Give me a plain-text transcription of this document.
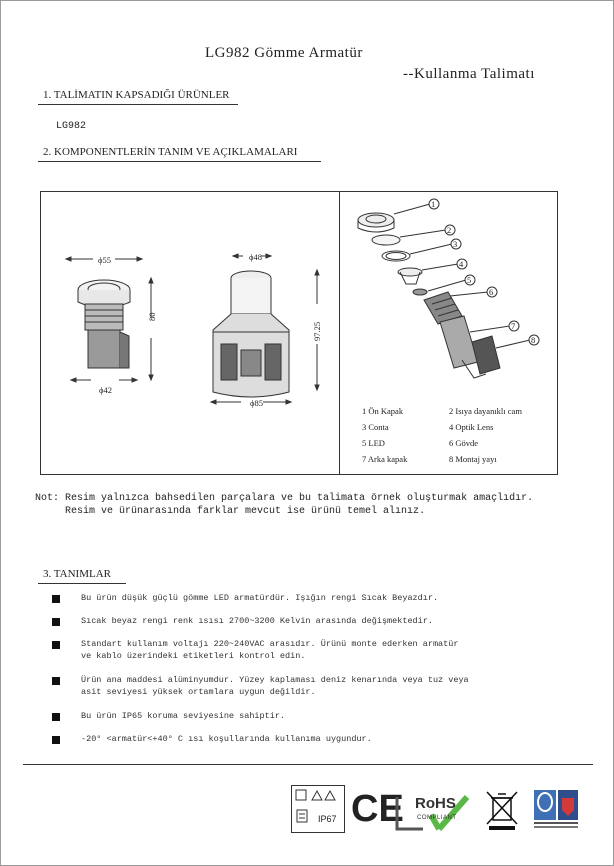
LG982 Gömme Armatür
--Kullanma Talimatı
1. TALİMATIN KAPSADIĞI ÜRÜNLER
LG982
2. KOMPONENTLERİN TANIM VE AÇIKLAMALARI
ϕ55
ϕ42
80
ϕ48
ϕ85
97.25
1
2
3
4
5
6
7
8
1 Ön Kapak	2 Isıya dayanıklı cam
3 Conta	4 Optik Lens
5 LED	6 Gövde
7 Arka kapak	8 Montaj yayı
Not: Resim yalnızca bahsedilen parçalara ve bu talimata örnek oluşturmak amaçlıdır.
Resim ve ürünarasında farklar mevcut ise ürünü temel alınız.
3. TANIMLAR
Bu ürün düşük güçlü gömme LED armatürdür. Işığın rengi Sıcak Beyazdır.
Sıcak beyaz rengi renk ısısı 2700~3200 Kelvin arasında değişmektedir.
Standart kullanım voltajı 220~240VAC arasıdır. Ürünü monte ederken armatür
ve kablo üzerindeki etiketleri kontrol edin.
Ürün ana maddesi alüminyumdur. Yüzey kaplaması deniz kenarında veya tuz veya
asit seviyesi yüksek ortamlara uygun değildir.
Bu ürün IP65 koruma seviyesine sahiptir.
-20° <armatür<+40° C ısı koşullarında kullanıma uygundur.
IP67 CE RoHS
COMPLIANT
